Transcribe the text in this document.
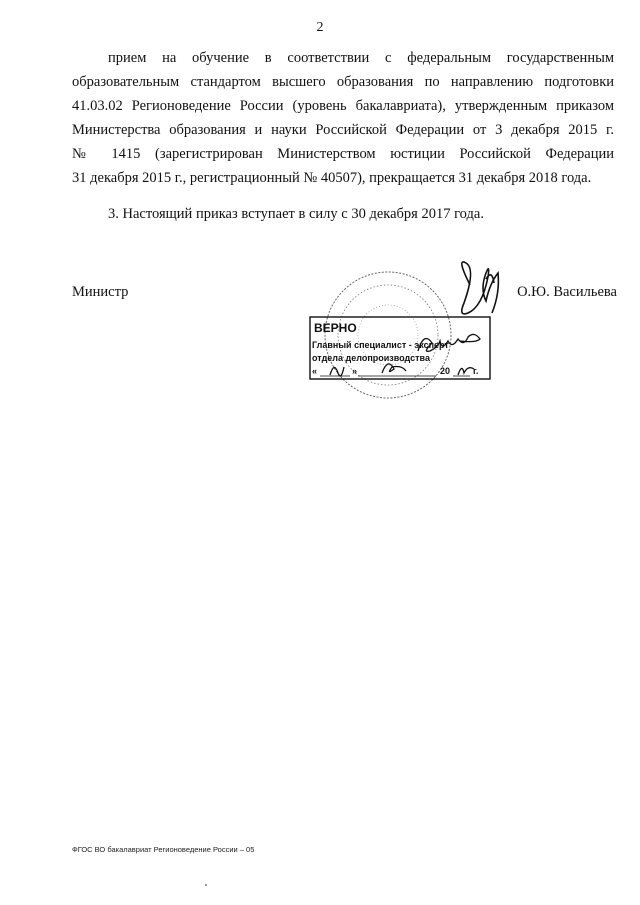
2
прием на обучение в соответствии с федеральным государственным
образовательным стандартом высшего образования по направлению подготовки
41.03.02 Регионоведение России (уровень бакалавриата), утвержденным приказом
Министерства образования и науки Российской Федерации от 3 декабря 2015 г.
№ 1415 (зарегистрирован Министерством юстиции Российской Федерации
31 декабря 2015 г., регистрационный № 40507), прекращается 31 декабря 2018 года.
3. Настоящий приказ вступает в силу с 30 декабря 2017 года.
Министр	О.Ю. Васильева
ВЕРНО
Главный специалист - эксперт
отдела делопроизводства
«	»	20	г.
ФГОС ВО бакалавриат Регионоведение России – 05
